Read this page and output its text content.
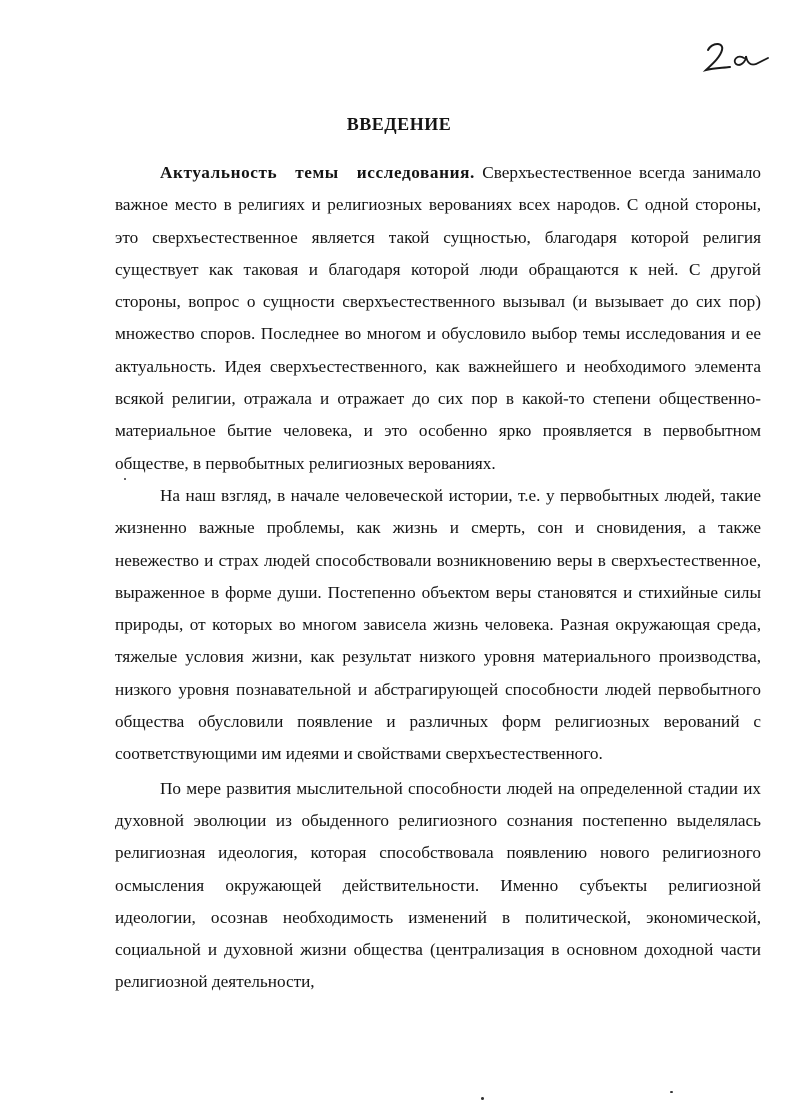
ВВЕДЕНИЕ

Актуальность темы исследования. Сверхъестественное всегда занимало важное место в религиях и религиозных верованиях всех народов. С одной стороны, это сверхъестественное является такой сущностью, благодаря которой религия существует как таковая и благодаря которой люди обращаются к ней. С другой стороны, вопрос о сущности сверхъестественного вызывал (и вызывает до сих пор) множество споров. Последнее во многом и обусловило выбор темы исследования и ее актуальность. Идея сверхъестественного, как важнейшего и необходимого элемента всякой религии, отражала и отражает до сих пор в какой-то степени общественно-материальное бытие человека, и это особенно ярко проявляется в первобытном обществе, в первобытных религиозных верованиях.

На наш взгляд, в начале человеческой истории, т.е. у первобытных людей, такие жизненно важные проблемы, как жизнь и смерть, сон и сновидения, а также невежество и страх людей способствовали возникновению веры в сверхъестественное, выраженное в форме души. Постепенно объектом веры становятся и стихийные силы природы, от которых во многом зависела жизнь человека. Разная окружающая среда, тяжелые условия жизни, как результат низкого уровня материального производства, низкого уровня познавательной и абстрагирующей способности людей первобытного общества обусловили появление и различных форм религиозных верований с соответствующими им идеями и свойствами сверхъестественного.

По мере развития мыслительной способности людей на определенной стадии их духовной эволюции из обыденного религиозного сознания постепенно выделялась религиозная идеология, которая способствовала появлению нового религиозного осмысления окружающей действительности. Именно субъекты религиозной идеологии, осознав необходимость изменений в политической, экономической, социальной и духовной жизни общества (централизация в основном доходной части религиозной деятельности,
